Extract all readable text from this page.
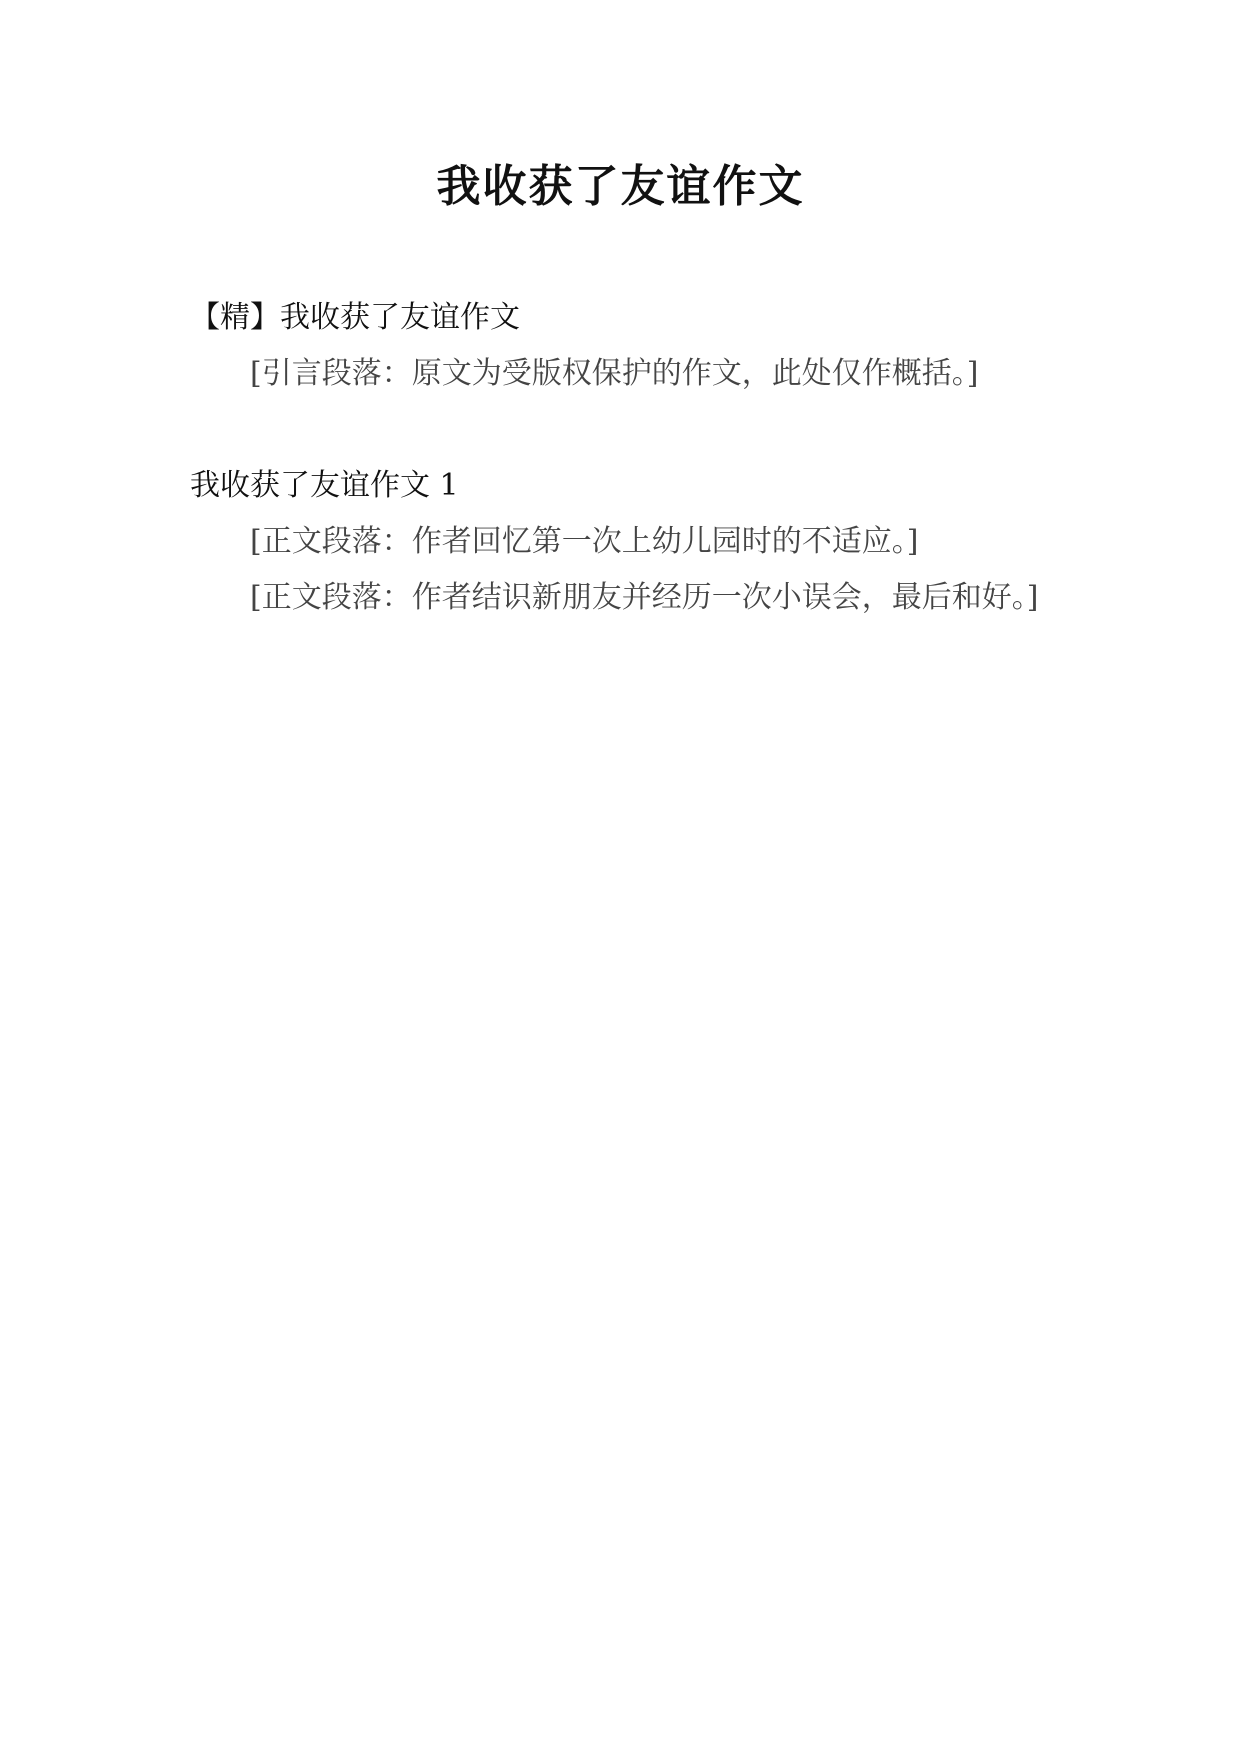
我收获了友谊作文

【精】我收获了友谊作文

[引言段落：原文为受版权保护的作文，此处仅作概括。]

我收获了友谊作文 1

[正文段落：作者回忆第一次上幼儿园时的不适应。]

[正文段落：作者结识新朋友并经历一次小误会，最后和好。]
